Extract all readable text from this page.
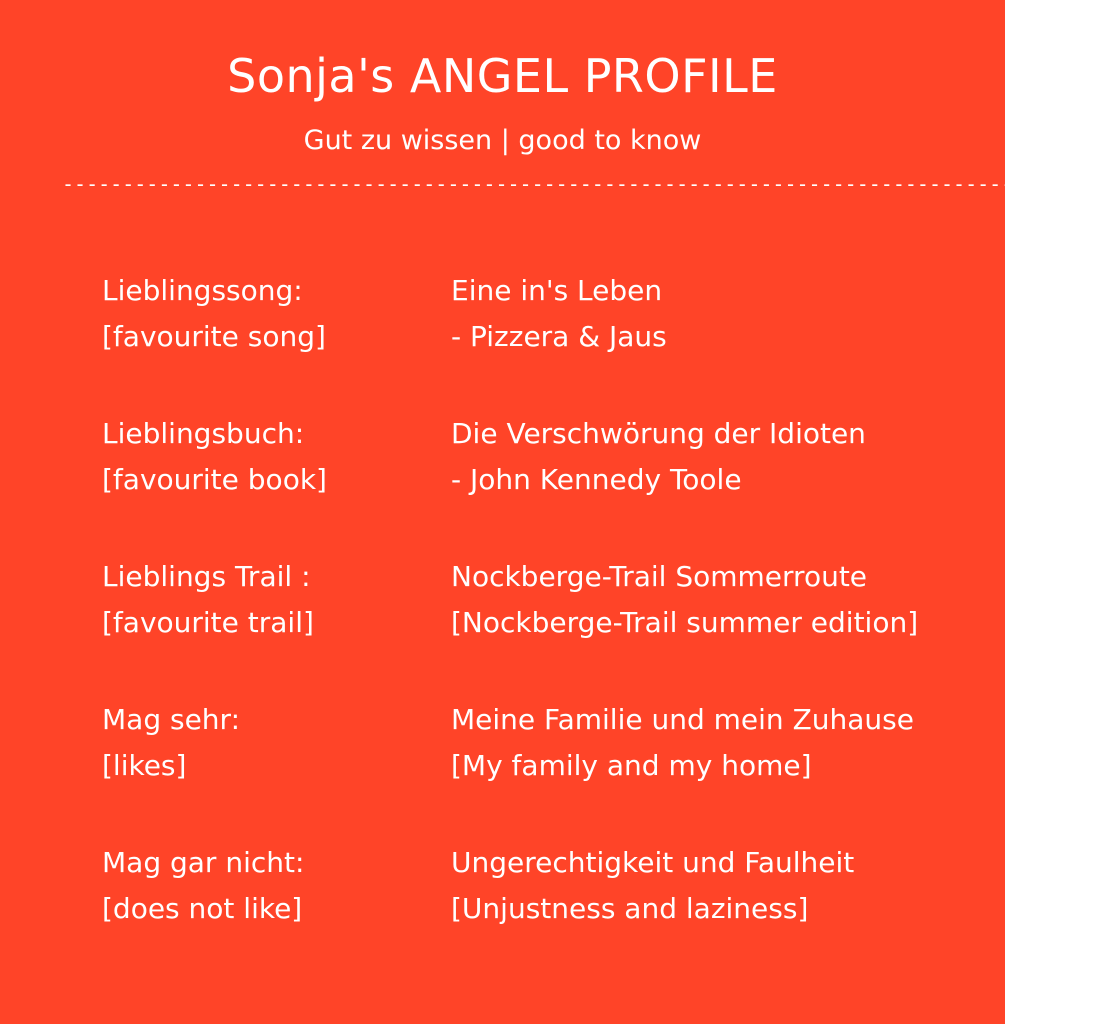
Sonja's ANGEL PROFILE
Gut zu wissen | good to know
--------------------------------------------------------------------------------------
Lieblingssong:
[favourite song]
Eine in's Leben
- Pizzera & Jaus
Lieblingsbuch:
[favourite book]
Die Verschwörung der Idioten
- John Kennedy Toole
Lieblings Trail :
[favourite trail]
Nockberge-Trail Sommerroute
[Nockberge-Trail summer edition]
Mag sehr:
[likes]
Meine Familie und mein Zuhause
[My family and my home]
Mag gar nicht:
[does not like]
Ungerechtigkeit und Faulheit
[Unjustness and laziness]
